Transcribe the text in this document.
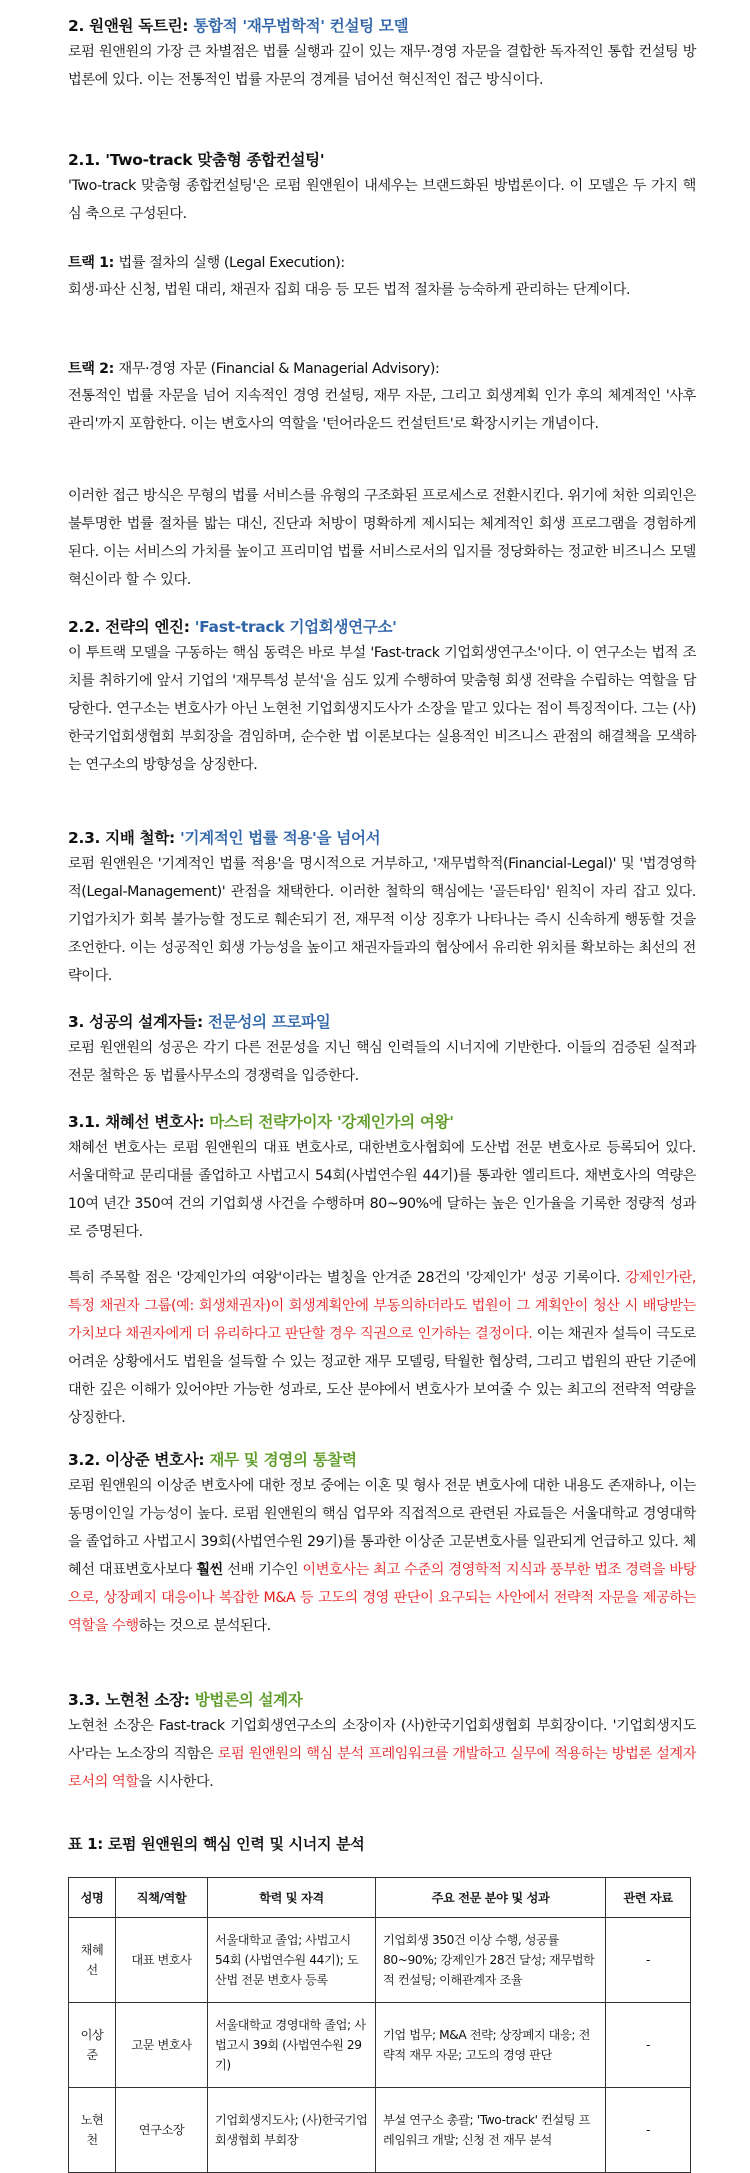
2. 원앤원 독트린: 통합적 '재무법학적' 컨설팅 모델

로펌 원앤원의 가장 큰 차별점은 법률 실행과 깊이 있는 재무·경영 자문을 결합한 독자적인 통합 컨설팅 방법론에 있다. 이는 전통적인 법률 자문의 경계를 넘어선 혁신적인 접근 방식이다.

2.1. 'Two-track 맞춤형 종합컨설팅'

'Two-track 맞춤형 종합컨설팅'은 로펌 원앤원이 내세우는 브랜드화된 방법론이다. 이 모델은 두 가지 핵심 축으로 구성된다.

트랙 1: 법률 절차의 실행 (Legal Execution):

회생·파산 신청, 법원 대리, 채권자 집회 대응 등 모든 법적 절차를 능숙하게 관리하는 단계이다.

트랙 2: 재무·경영 자문 (Financial & Managerial Advisory):

전통적인 법률 자문을 넘어 지속적인 경영 컨설팅, 재무 자문, 그리고 회생계획 인가 후의 체계적인 '사후관리'까지 포함한다. 이는 변호사의 역할을 '턴어라운드 컨설턴트'로 확장시키는 개념이다.

이러한 접근 방식은 무형의 법률 서비스를 유형의 구조화된 프로세스로 전환시킨다. 위기에 처한 의뢰인은 불투명한 법률 절차를 밟는 대신, 진단과 처방이 명확하게 제시되는 체계적인 회생 프로그램을 경험하게 된다. 이는 서비스의 가치를 높이고 프리미엄 법률 서비스로서의 입지를 정당화하는 정교한 비즈니스 모델 혁신이라 할 수 있다.

2.2. 전략의 엔진: 'Fast-track 기업회생연구소'

이 투트랙 모델을 구동하는 핵심 동력은 바로 부설 'Fast-track 기업회생연구소'이다. 이 연구소는 법적 조치를 취하기에 앞서 기업의 '재무특성 분석'을 심도 있게 수행하여 맞춤형 회생 전략을 수립하는 역할을 담당한다. 연구소는 변호사가 아닌 노현천 기업회생지도사가 소장을 맡고 있다는 점이 특징적이다. 그는 (사)한국기업회생협회 부회장을 겸임하며, 순수한 법 이론보다는 실용적인 비즈니스 관점의 해결책을 모색하는 연구소의 방향성을 상징한다.

2.3. 지배 철학: '기계적인 법률 적용'을 넘어서

로펌 원앤원은 '기계적인 법률 적용'을 명시적으로 거부하고, '재무법학적(Financial-Legal)' 및 '법경영학적(Legal-Management)' 관점을 채택한다. 이러한 철학의 핵심에는 '골든타임' 원칙이 자리 잡고 있다. 기업가치가 회복 불가능할 정도로 훼손되기 전, 재무적 이상 징후가 나타나는 즉시 신속하게 행동할 것을 조언한다. 이는 성공적인 회생 가능성을 높이고 채권자들과의 협상에서 유리한 위치를 확보하는 최선의 전략이다.

3. 성공의 설계자들: 전문성의 프로파일

로펌 원앤원의 성공은 각기 다른 전문성을 지닌 핵심 인력들의 시너지에 기반한다. 이들의 검증된 실적과 전문 철학은 동 법률사무소의 경쟁력을 입증한다.

3.1. 채혜선 변호사: 마스터 전략가이자 '강제인가의 여왕'

채혜선 변호사는 로펌 원앤원의 대표 변호사로, 대한변호사협회에 도산법 전문 변호사로 등록되어 있다. 서울대학교 문리대를 졸업하고 사법고시 54회(사법연수원 44기)를 통과한 엘리트다. 채변호사의 역량은 10여 년간 350여 건의 기업회생 사건을 수행하며 80~90%에 달하는 높은 인가율을 기록한 정량적 성과로 증명된다.

특히 주목할 점은 '강제인가의 여왕'이라는 별칭을 안겨준 28건의 '강제인가' 성공 기록이다. 강제인가란, 특정 채권자 그룹(예: 회생채권자)이 회생계획안에 부동의하더라도 법원이 그 계획안이 청산 시 배당받는 가치보다 채권자에게 더 유리하다고 판단할 경우 직권으로 인가하는 결정이다. 이는 채권자 설득이 극도로 어려운 상황에서도 법원을 설득할 수 있는 정교한 재무 모델링, 탁월한 협상력, 그리고 법원의 판단 기준에 대한 깊은 이해가 있어야만 가능한 성과로, 도산 분야에서 변호사가 보여줄 수 있는 최고의 전략적 역량을 상징한다.

3.2. 이상준 변호사: 재무 및 경영의 통찰력

로펌 원앤원의 이상준 변호사에 대한 정보 중에는 이혼 및 형사 전문 변호사에 대한 내용도 존재하나, 이는 동명이인일 가능성이 높다. 로펌 원앤원의 핵심 업무와 직접적으로 관련된 자료들은 서울대학교 경영대학을 졸업하고 사법고시 39회(사법연수원 29기)를 통과한 이상준 고문변호사를 일관되게 언급하고 있다. 체혜선 대표변호사보다 훨씬 선배 기수인 이변호사는 최고 수준의 경영학적 지식과 풍부한 법조 경력을 바탕으로, 상장폐지 대응이나 복잡한 M&A 등 고도의 경영 판단이 요구되는 사안에서 전략적 자문을 제공하는 역할을 수행하는 것으로 분석된다.

3.3. 노현천 소장: 방법론의 설계자

노현천 소장은 Fast-track 기업회생연구소의 소장이자 (사)한국기업회생협회 부회장이다. '기업회생지도사'라는 노소장의 직함은 로펌 원앤원의 핵심 분석 프레임워크를 개발하고 실무에 적용하는 방법론 설계자로서의 역할을 시사한다.

표 1: 로펌 원앤원의 핵심 인력 및 시너지 분석
성명	직책/역할	학력 및 자격	주요 전문 분야 및 성과	관련 자료
채혜선	대표 변호사	서울대학교 졸업; 사법고시 54회 (사법연수원 44기); 도산법 전문 변호사 등록	기업회생 350건 이상 수행, 성공률 80~90%; 강제인가 28건 달성; 재무법학적 컨설팅; 이해관계자 조율	-
이상준	고문 변호사	서울대학교 경영대학 졸업; 사법고시 39회 (사법연수원 29기)	기업 법무; M&A 전략; 상장폐지 대응; 전략적 재무 자문; 고도의 경영 판단	-
노현천	연구소장	기업회생지도사; (사)한국기업회생협회 부회장	부설 연구소 총괄; 'Two-track' 컨설팅 프레임워크 개발; 신청 전 재무 분석	-
